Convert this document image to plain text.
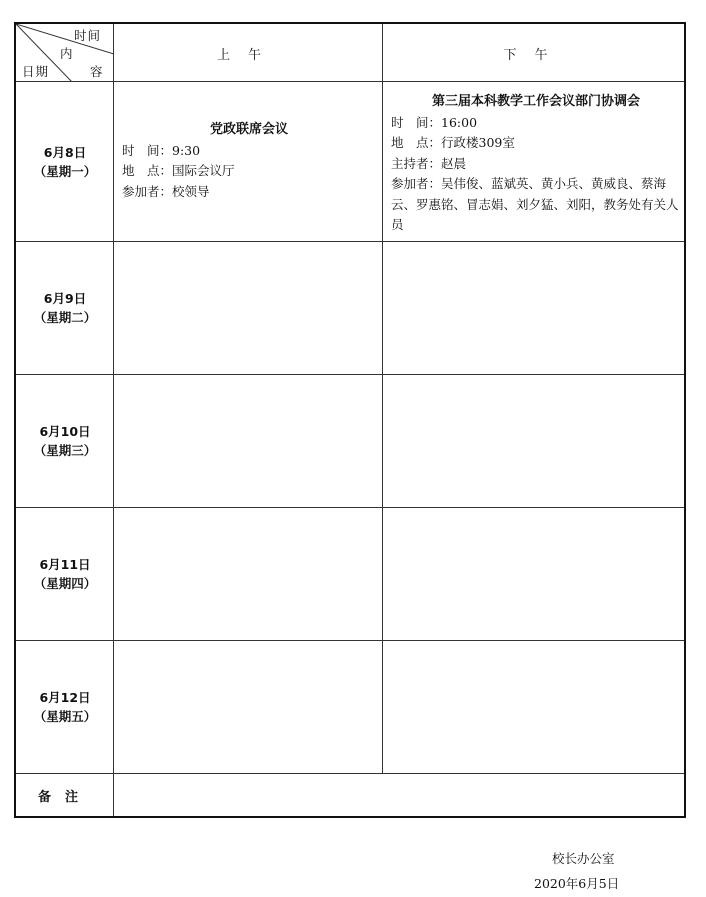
时间
内
容
日期
上午	下午
6月8日
（星期一）
6月9日
（星期二）
6月10日
（星期三）
6月11日
（星期四）
6月12日
（星期五）
党政联席会议
时　间：9:30
地　点：国际会议厅
参加者：校领导
第三届本科教学工作会议部门协调会
时　间：16:00
地　点：行政楼309室
主持者：赵晨
参加者：吴伟俊、蓝斌英、黄小兵、黄威良、蔡海云、罗惠铭、冒志娟、刘夕猛、刘阳，教务处有关人员
备注
校长办公室
2020年6月5日
